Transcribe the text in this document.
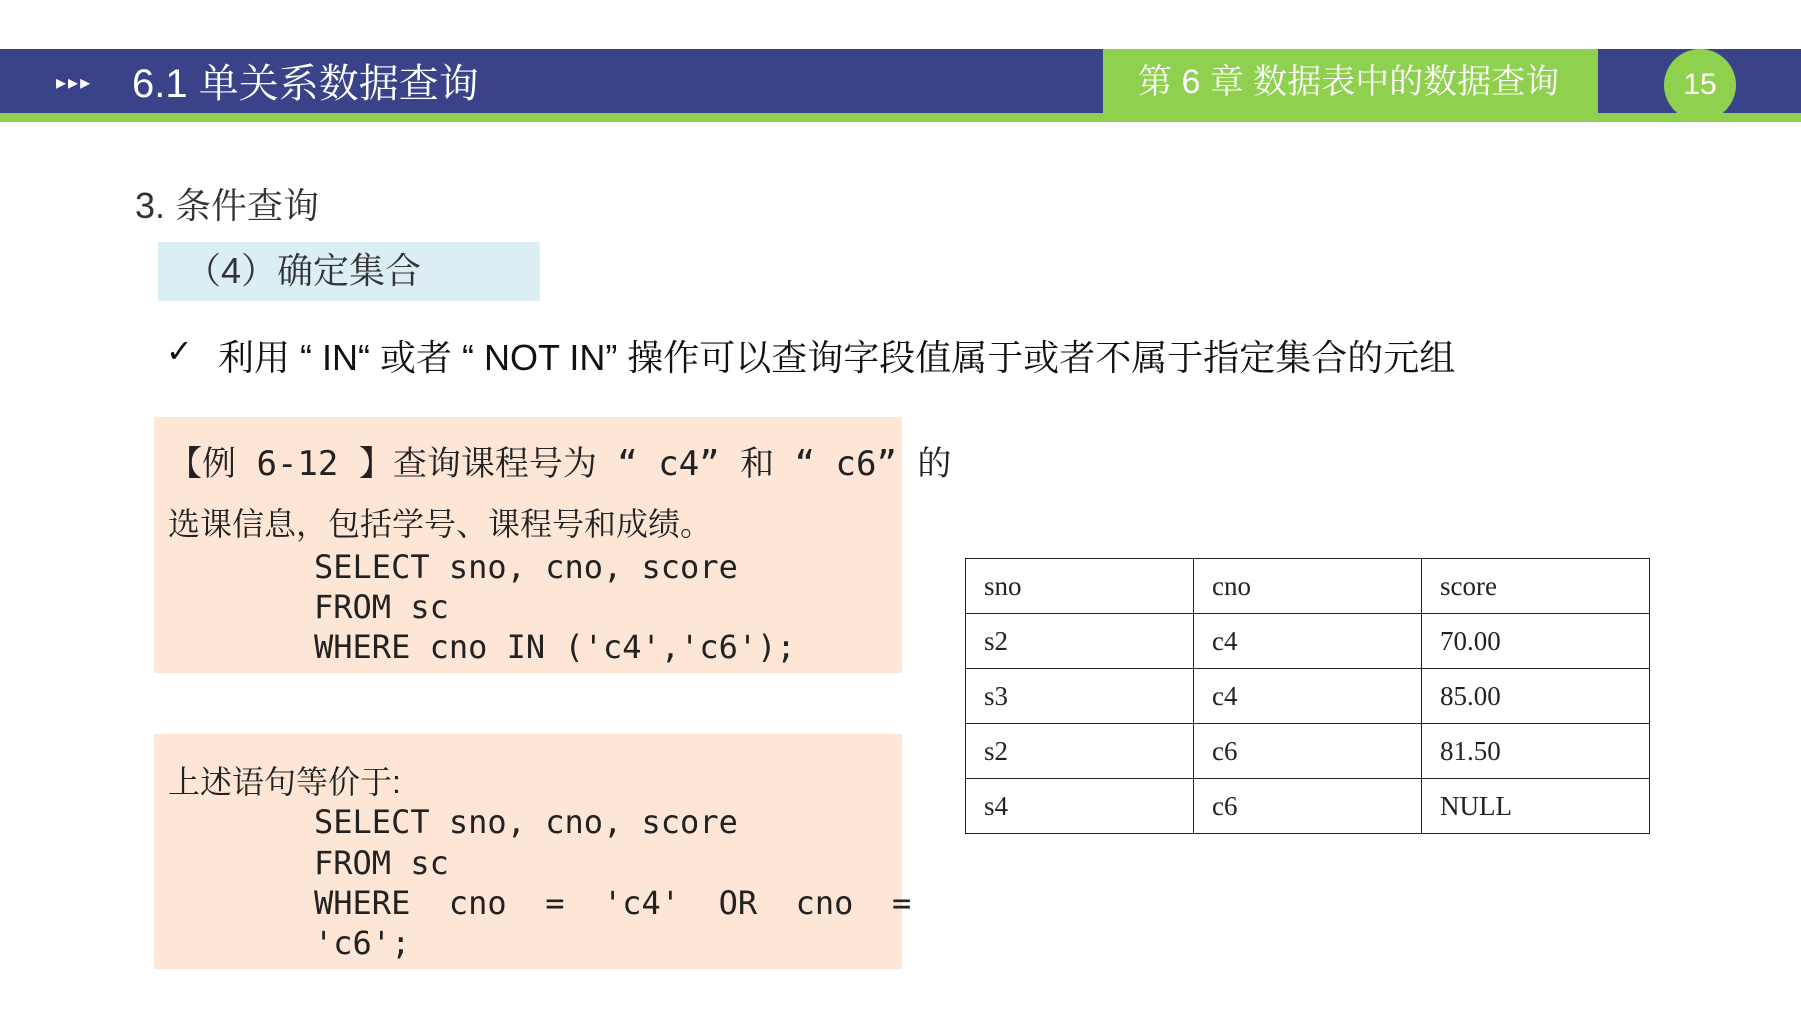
▸▸▸ 6.1 单关系数据查询	第 6 章 数据表中的数据查询	15
3. 条件查询
（4）确定集合
✓ 利用 “ IN“ 或者 “ NOT IN” 操作可以查询字段值属于或者不属于指定集合的元组
【例 6-12 】查询课程号为 “ c4” 和 “ c6” 的
选课信息，包括学号、课程号和成绩。
SELECT sno, cno, score
FROM sc
WHERE cno IN ('c4','c6');
上述语句等价于:
SELECT sno, cno, score
FROM sc
WHERE  cno  =  'c4'  OR  cno  =
'c6';
sno	cno	score
s2	c4	70.00
s3	c4	85.00
s2	c6	81.50
s4	c6	NULL
